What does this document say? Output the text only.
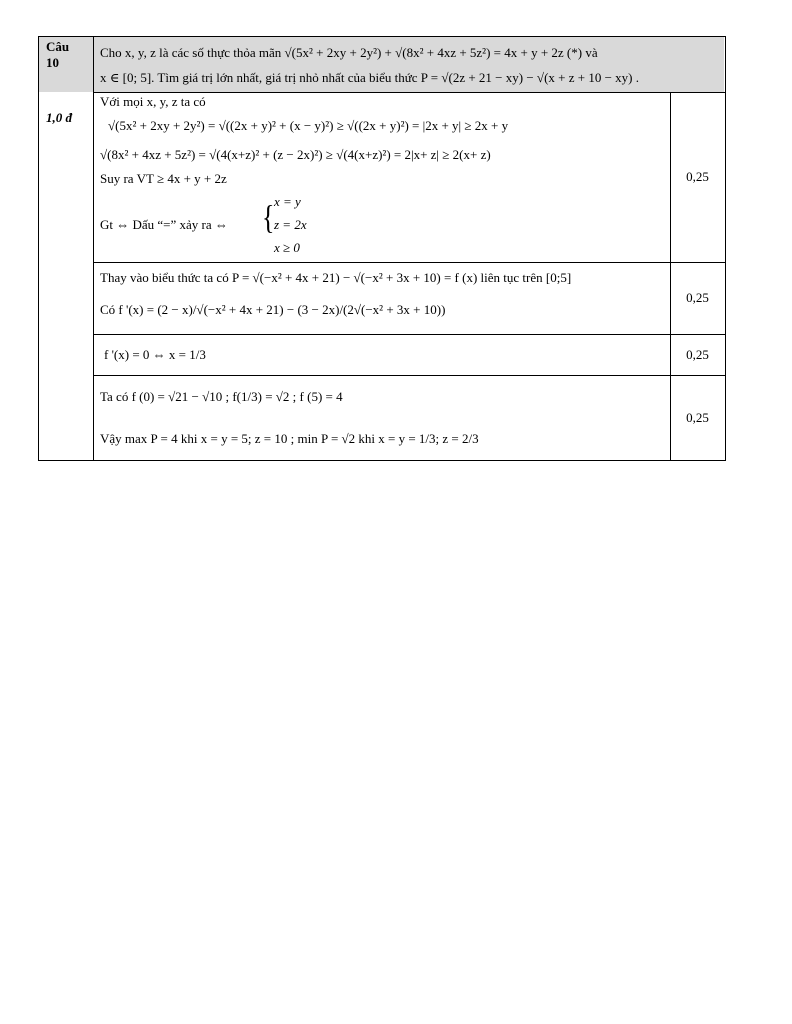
Câu
10
1,0 đ
Cho x, y, z là các số thực thỏa mãn √(5x² + 2xy + 2y²) + √(8x² + 4xz + 5z²) = 4x + y + 2z (*) và
x ∈ [0; 5]. Tìm giá trị lớn nhất, giá trị nhỏ nhất của biểu thức P = √(2z + 21 − xy) − √(x + z + 10 − xy) .
Với mọi x, y, z ta có
√(5x² + 2xy + 2y²) = √((2x + y)² + (x − y)²) ≥ √((2x + y)²) = |2x + y| ≥ 2x + y
√(8x² + 4xz + 5z²) = √(4(x+z)² + (z − 2x)²) ≥ √(4(x+z)²) = 2|x+ z| ≥ 2(x+ z)
Suy ra VT ≥ 4x + y + 2z
Gt ⇔ Dấu “=” xảy ra ⇔ { x = y
z = 2x
x ≥ 0
0,25
Thay vào biểu thức ta có P = √(−x² + 4x + 21) − √(−x² + 3x + 10) = f (x) liên tục trên [0;5]
Có f '(x) = (2 − x)/√(−x² + 4x + 21) − (3 − 2x)/(2√(−x² + 3x + 10))
0,25
f '(x) = 0 ⇔ x = 1/3	0,25
Ta có f (0) = √21 − √10 ; f(1/3) = √2 ; f (5) = 4
Vậy max P = 4 khi x = y = 5; z = 10 ; min P = √2 khi x = y = 1/3; z = 2/3
0,25
